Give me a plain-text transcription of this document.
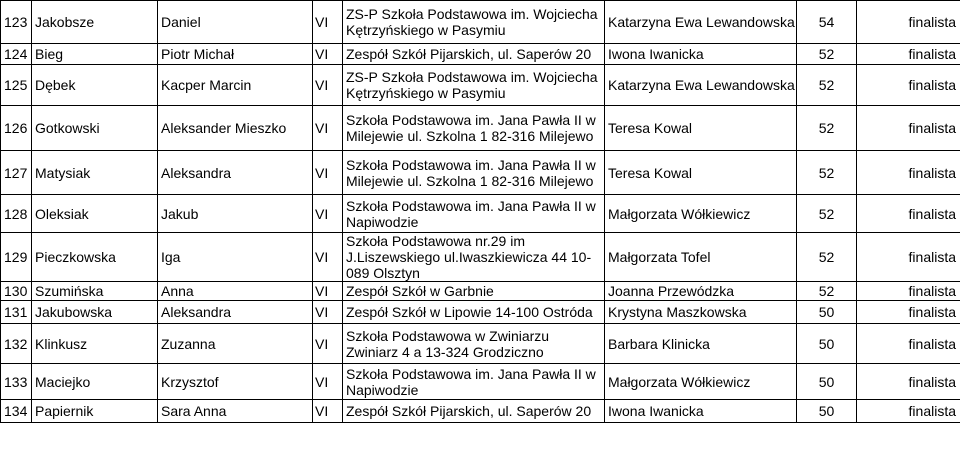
123	Jakobsze	Daniel	VI	ZS-P Szkoła Podstawowa im. Wojciecha Kętrzyńskiego w Pasymiu	Katarzyna Ewa Lewandowska	54	finalista
124	Bieg	Piotr Michał	VI	Zespół Szkół Pijarskich, ul. Saperów 20	Iwona Iwanicka	52	finalista
125	Dębek	Kacper Marcin	VI	ZS-P Szkoła Podstawowa im. Wojciecha Kętrzyńskiego w Pasymiu	Katarzyna Ewa Lewandowska	52	finalista
126	Gotkowski	Aleksander Mieszko	VI	Szkoła Podstawowa im. Jana Pawła II w Milejewie ul. Szkolna 1 82-316 Milejewo	Teresa Kowal	52	finalista
127	Matysiak	Aleksandra	VI	Szkoła Podstawowa im. Jana Pawła II w Milejewie ul. Szkolna 1 82-316 Milejewo	Teresa Kowal	52	finalista
128	Oleksiak	Jakub	VI	Szkoła Podstawowa im. Jana Pawła II w Napiwodzie	Małgorzata Wółkiewicz	52	finalista
129	Pieczkowska	Iga	VI	Szkoła Podstawowa nr.29 im J.Liszewskiego ul.Iwaszkiewicza 44 10-089 Olsztyn	Małgorzata Tofel	52	finalista
130	Szumińska	Anna	VI	Zespół Szkół w Garbnie	Joanna Przewódzka	52	finalista
131	Jakubowska	Aleksandra	VI	Zespół Szkół w Lipowie 14-100 Ostróda	Krystyna Maszkowska	50	finalista
132	Klinkusz	Zuzanna	VI	Szkoła Podstawowa w Zwiniarzu Zwiniarz 4 a 13-324 Grodziczno	Barbara Klinicka	50	finalista
133	Maciejko	Krzysztof	VI	Szkoła Podstawowa im. Jana Pawła II w Napiwodzie	Małgorzata Wółkiewicz	50	finalista
134	Papiernik	Sara Anna	VI	Zespół Szkół Pijarskich, ul. Saperów 20	Iwona Iwanicka	50	finalista
